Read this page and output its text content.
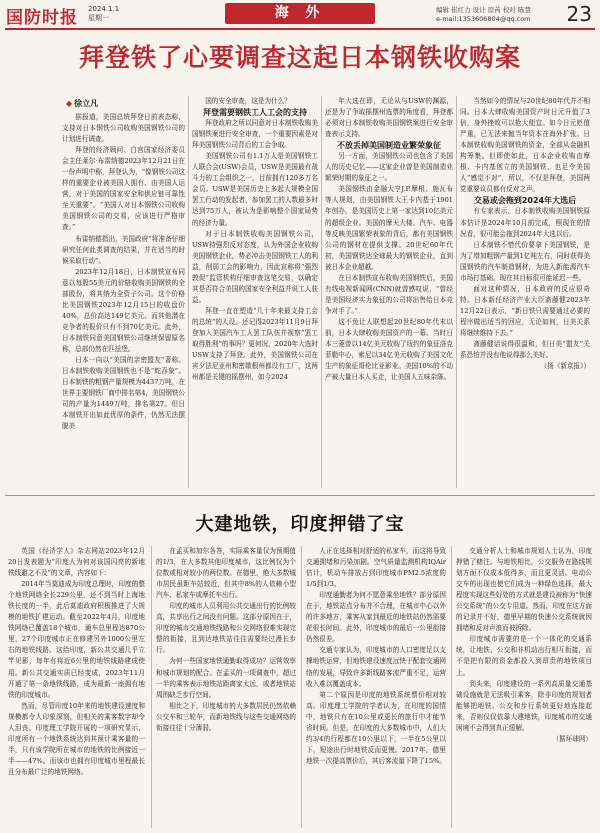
国防时报 2024.1.1
星期一	海 外	编辑 崔红力 设计 原芮 校对 陈慧
e-mail:1353606804@qq.com 23
拜登铁了心要调查这起日本钢铁收购案
◆ 徐立凡

据报道，美国总统拜登日前表态称，支持对日本钢铁公司收购美国钢铁公司的计划进行调查。

拜登的经济顾问、白宫国家经济委员会主任莱尔·布雷纳德2023年12月21日在一份声明中称，拜登认为，“像钢铁公司这样的重要企业被美国人拥有、由美国人运营，对于美国的国家安全和供应链可靠性至关重要”。“美国人对日本钢铁公司收购美国钢铁公司的交易，应该进行严格审查。”

布雷纳德指出，美国政府“将准备仔细研究任何此类调查的结果，并在适当的时候采取行动”。

2023年12月18日，日本制铁宣布同意以每股55美元的价格收购美国钢铁的全部股份，将其纳为全资子公司。这个价格比美国钢铁2023年12月15日的收盘价40%，总价高达149亿美元。而其他潜在竞争者的报价只有不到70亿美元。此外，日本制铁同意美国钢铁公司继续保留原名称，总部仍然在匹兹堡。

日本一向以“美国的亲密盟友”著称。日本制铁收购美国钢铁也不是“蛇吞象”。日本制铁的粗钢产量规模为4437万吨，在世界主要钢铁厂商中排名第4，美国钢铁公司的产量为1449万吨，排名第27。但日本制铁开出如此优厚的条件，仍然无法摆脱美

国的安全审查，这是为什么？

拜登需要钢铁工人工会的支持

拜登政府之所以同意对日本制铁收购美国钢铁案进行安全审查，一个重要因素是对拜美国钢铁公司背后的工会争取。

美国钢铁公司有1.1万人是美国钢铁工人联合会(USW)会员，USW是美国最有战斗力的工会组织之一，目前拥有120多万名会员。USW是美国历史上多起大规模全国罢工行动的发起者，参加罢工的人数最多时达到75万人，被认为是影响整个国家局势的经济力量。

对于日本制铁收购美国钢铁公司，USW持强烈反对态度，认为外国企业收购美国钢铁企业，势必冲击美国钢铁工人的利益，削弱工会的影响力，因此宣称将“强烈敦促”监管机构仔细审查这笔交易，以确定其是否符合美国的国家安全利益并说工人获益。

拜登一直在塑造“几十年来最支持工会的总统”的人设。还记得2023年11月9日拜登加入美国汽车工人罢工队伍并视察“罢工取得胜利”的事吗？更何况，2020年大选时USW支持了拜登。此外，美国钢铁公司在宾夕法尼亚州和密歇根州都设有工厂，这两州都是关键的摇摆州，如今2024

年大选在即，无论从与USW的渊源，还是为了争取摇摆州选票的角度看，拜登都必须对日本制铁收购美国钢铁案进行安全审查表示支持。

不放丢掉美国制造业繁荣象征

另一方面，美国钢铁公司也包含了美国人的历史记忆——这家企业曾是美国制造业繁荣时期的象征之一。

美国钢铁由金融大亨J.P.摩根、施瓦布等人规划，由美国钢铁大王卡内基于1901年创办，是美国历史上第一家达到10亿美元的超级企业。美国的摩天大楼、汽车、电器等反映美国繁荣表象的背后，都有美国钢铁公司的钢材在提供支撑。20世纪60年代初，美国钢铁达全球最大的钢铁企业，直到被日本企业超越。

在日本制铁宣布收购美国钢铁后，美国有线电视新闻网(CNN)就曾感叹说，“曾经是美国经济实力象征的公司将出售给日本竞争对手了。”

这不免让人联想起20世纪80年代末以前，日本大肆收购美国资产的一幕。当时日本三菱曾以14亿美元收购了纽约的象征洛克菲勒中心，索尼以34亿美元收购了美国文化生产的象征哥伦比亚影业。美国10%的不动产被大量日本人买走，让美国人五味杂陈。

当然如今的情况与20世纪80年代并不相同。日本大肆收购美国资产时日元升值了3倍，身外挫败可以抢大便宜。如今日元贬值严重，已无法来抛当年资本在海外扩张。日本制铁收购美国钢铁的资金，全部从金融机构筹集。但即使如此，日本企业收购由摩根、卡内基创立的美国钢铁，也足令美国人“感觉不对”，所以，不仅是拜登，美国两党重要议员都有反对之声。

交易或会拖到2024年大选后

有专家表示，日本制铁收购美国钢铁原本估计是2024年10月前完成，照现在的情况看，很可能会拖到2024年大选以后。

日本制铁不惜代价要拿下美国钢铁，是为了增加粗钢产量到1亿吨左右，同时获得美国钢铁的汽车制造钢材，为进入新能源汽车市场打基础。现在其目标很可能延迟一些。

面对这种情况，日本政府的反应很奇特。日本新任经济产业大臣斋藤健2023年12月22日表示，“新日铁只需要通过必要的程序做出适当的回应，无论如何，日美关系将继续维持下去。”

斋藤健话说得很温和，但日美“盟友”关系恐怕并没有他说得那么美好。

（扬《新京报》）

大建地铁，印度押错了宝

英国《经济学人》杂志网站2023年12月20日发表题为“印度人为何对该国闪亮的新地铁线避之不及”的文章，内容如下：

2014年当莫迪成为印度总理时，印度的整个地铁网络全长229公里，还不到当时上海地铁长度的一半，此后莫迪政府积极推进了大规模的地铁扩建运动。截至2022年4月，印度地铁网络已覆盖18个城市，通车总里程达870公里，27个印度城市正在修建另外1000公里左右的地铁线路。这给印度，新公共交通几乎立竿见影，每年有将近6公里的地铁线路建成使用。新公共交通实质已经变成，2023年11月开通了第一条地铁线路，成为最新一座拥有地铁的印度城市。

然而，尽管印度10年来的地铁建设速度和规模都令人印象深刻，但相关的乘客数字却令人泪丧。印度理工学院开展的一项研究显示，印度所有一个地铁系统达到其预计乘客量的一半，只有该学院所在城市的地铁的比例接近一半——47%。而该市也拥有印度城市里程最长且分布最广泛的地铁网络。

在孟买和加尔各答，实际乘客量仅为预期值的1/3，在大多数其他印度城市，这比例仅为个位数或相对较小的两位数。在德里，绝大多数城市居民虽距车站较近，但其中8%的人依赖小型汽车、私家车或摩托车出行。

印度的城市人员利用公共交通出行的比例较高，共享出行之间没有问题。这部分原因在于，印度的城市交通地铁线路和公交网络很难实现完整的衔接，且到达地铁站往往需要经过漫长步行。

为何一些国家地铁通勤取得成功？运营效率和城市规划的配合。在孟买的一项调查中，超过一半的乘客表示地铁站距离家太远，或者地铁站周围缺乏步行空间。

相比之下，印度城市的大多数居民仍然依赖公交车和三轮车，而新地铁线与这些交通网络的衔接往往十分薄弱。

人正在选择相对舒适的私家车，而这将导致交通拥堵和污染加剧。空气质量监测机构IQAir估计，机动车排放占到印度城市PM2.5浓度的1/5到1/3。

印度通勤者为何不愿意乘坐地铁？部分原因在于，地铁站点分布并不合理，在城市中心以外的许多地方，乘客从家到最近的地铁站仍然需要花很长时间。此外，印度城市的最后一公里衔接仍然很差。

交通专家认为，印度城市的人口密度足以支撑地铁运营，但地铁建设速度远快于配套交通网络的发展，导致许多新线路客流严重不足，运营收入难以覆盖成本。

第二个原因是印度的地铁系统票价相对较高。印度理工学院的学者认为，在印度的国情中，地铁只有在10公里或更长的旅行中才能节省时间。但是，在印度的大多数城市中，人们大约3/4的行程都在10公里以下，一半在5公里以下，短途出行时地铁反而更慢。2017年，德里地铁一次提高票价后，其后客流量下降了15%。

交通分析人士和城市规划人士认为，印度押错了赌注。与地铁相比，公交服务在路线规划方面不仅成本低得多，而且更灵活。电动公交车的出现也使它们成为一种绿色选择，最大程度实现这些好处的方式就是建设被称为“快速公交系统”的公交专用道。然而，印度在这方面的记录并不好，德里早期的快速公交系统就因拥堵和反对声浪而被拆除。

印度城市需要的是一个一体化的交通系统，让地铁、公交和非机动出行相互衔接，而不是把有限的资金都投入到昂贵的地铁项目上。

到头来，印度建设的一系列高质量交通基础设施就是无法吸引乘客，除非印度的规划者能够把地铁、公交和步行系统更好地连接起来，否则仅仅依靠大建地铁，印度城市的交通困境不会得到真正缓解。

（据环球网）
